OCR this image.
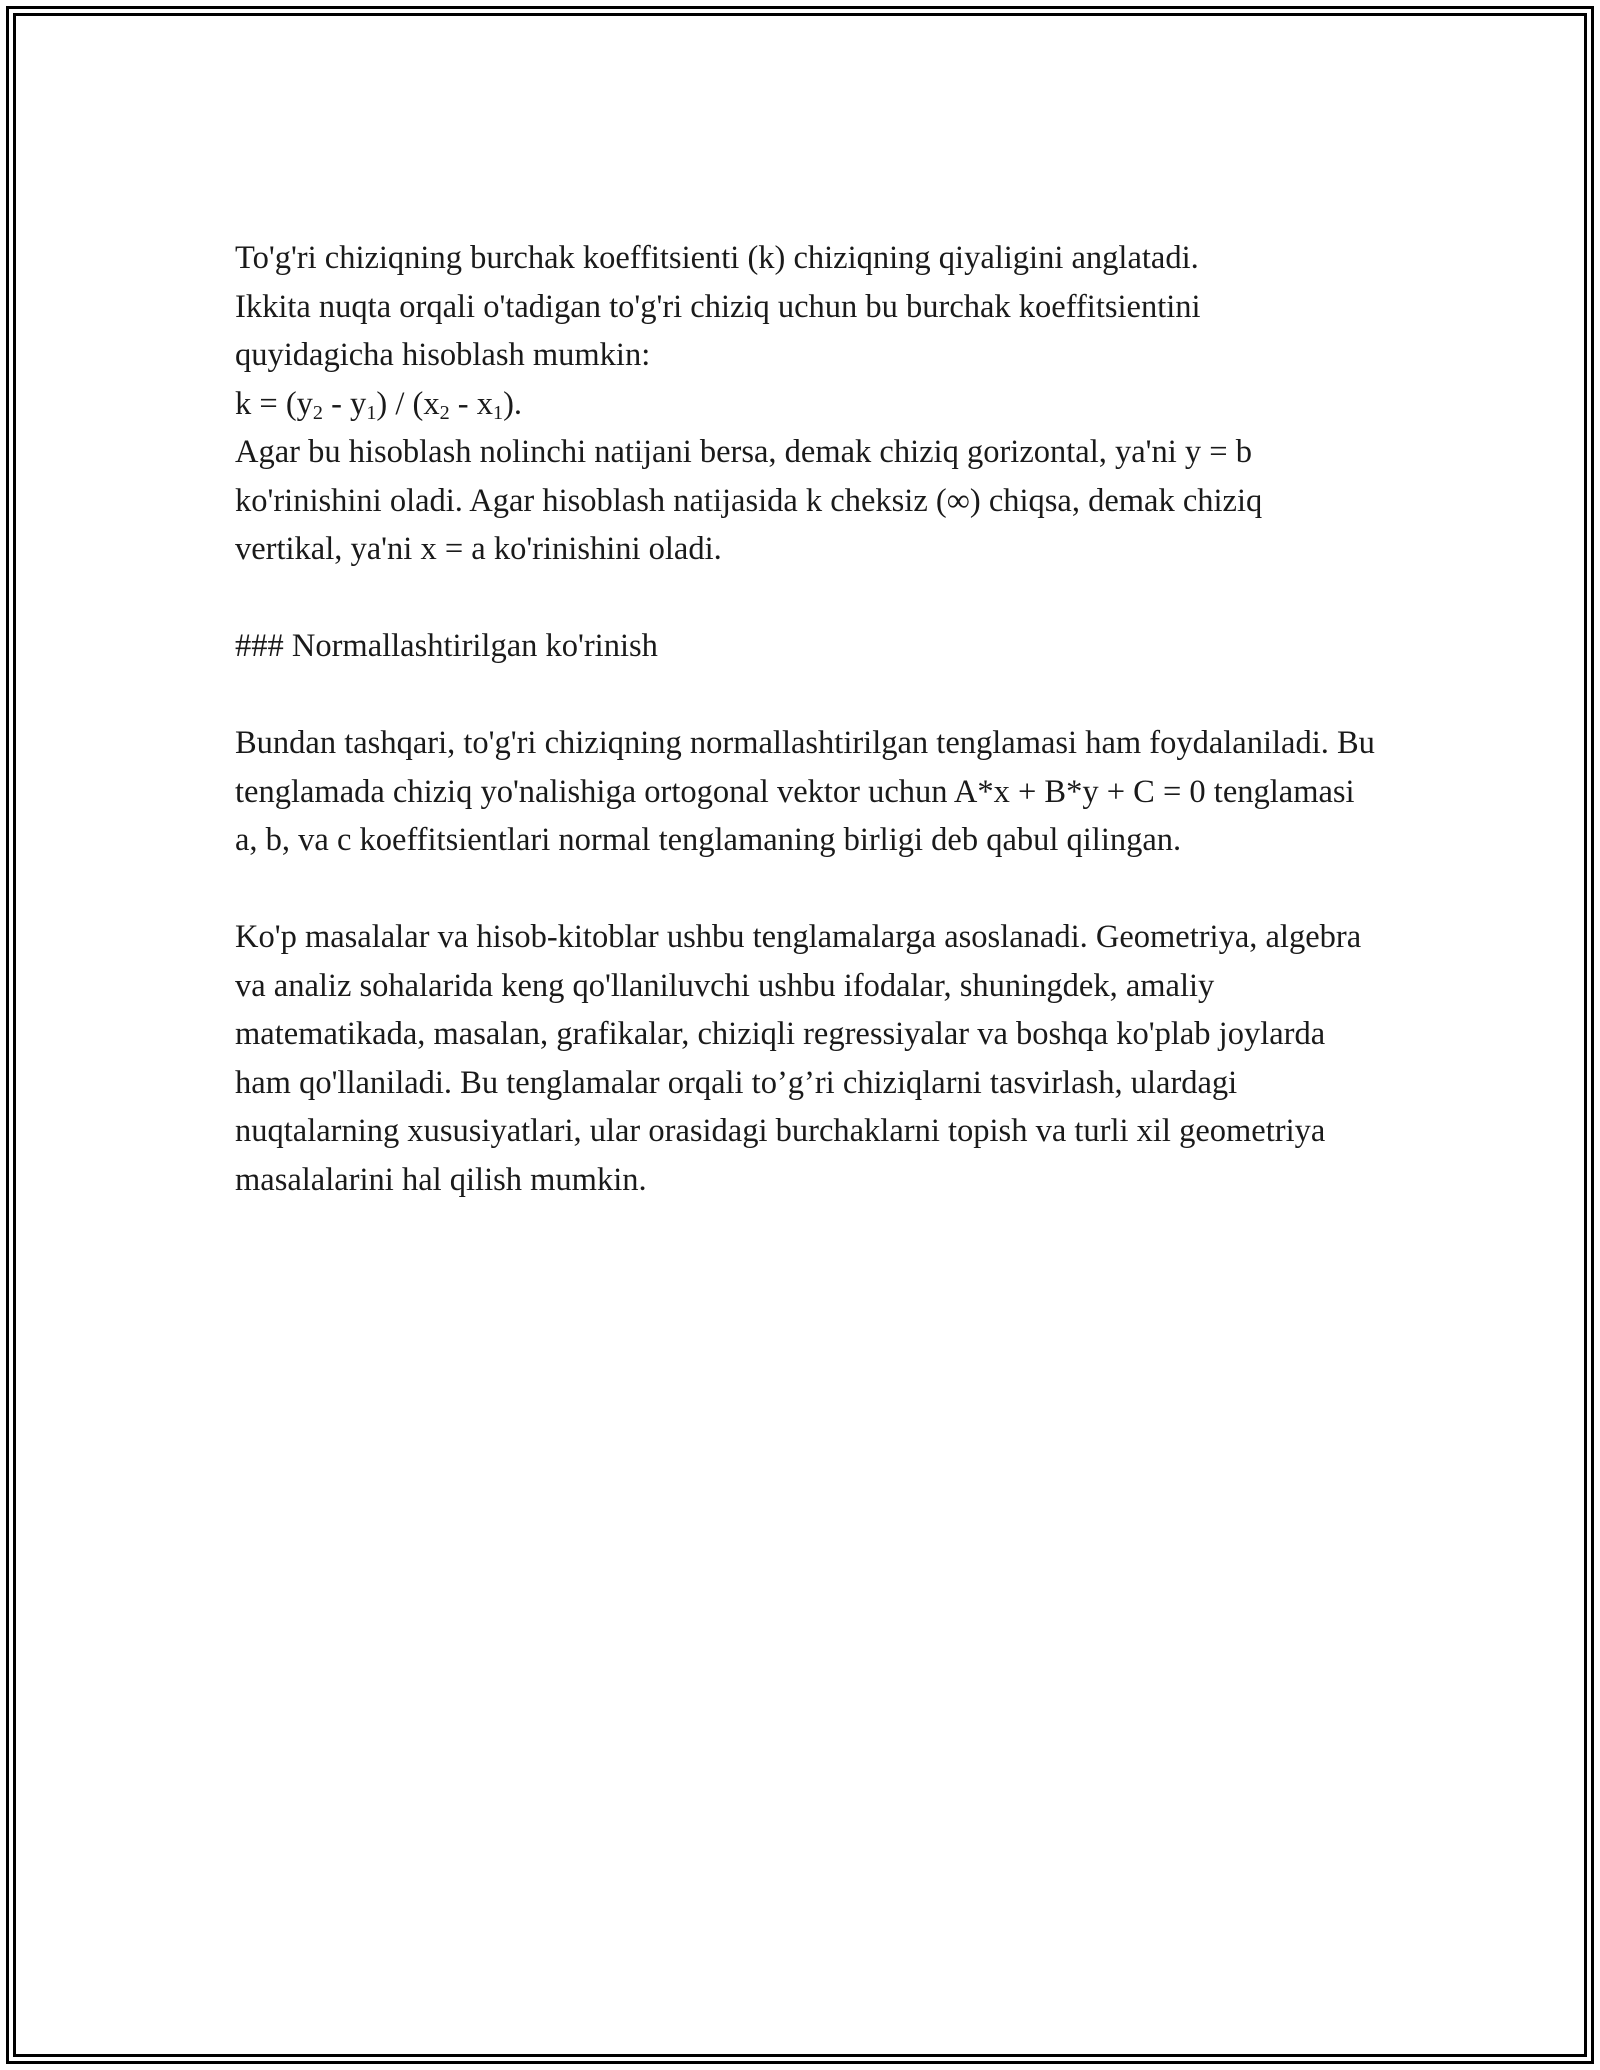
To'g'ri chiziqning burchak koeffitsienti (k) chiziqning qiyaligini anglatadi.
Ikkita nuqta orqali o'tadigan to'g'ri chiziq uchun bu burchak koeffitsientini
quyidagicha hisoblash mumkin:

$k = (y_2 - y_1) / (x_2 - x_1)$.

Agar bu hisoblash nolinchi natijani bersa, demak chiziq gorizontal, ya'ni y = b ko'rinishini oladi. Agar hisoblash natijasida k cheksiz (∞) chiqsa, demak chiziq vertikal, ya'ni x = a ko'rinishini oladi.

### Normallashtirilgan ko'rinish

Bundan tashqari, to'g'ri chiziqning normallashtirilgan tenglamasi ham foydalaniladi. Bu tenglamada chiziq yo'nalishiga ortogonal vektor uchun A*x + B*y + C = 0 tenglamasi a, b, va c koeffitsientlari normal tenglamaning birligi deb qabul qilingan.

Ko'p masalalar va hisob-kitoblar ushbu tenglamalarga asoslanadi. Geometriya, algebra va analiz sohalarida keng qo'llaniluvchi ushbu ifodalar, shuningdek, amaliy matematikada, masalan, grafikalar, chiziqli regressiyalar va boshqa ko'plab joylarda ham qo'llaniladi. Bu tenglamalar orqali to’g’ri chiziqlarni tasvirlash, ulardagi nuqtalarning xususiyatlari, ular orasidagi burchaklarni topish va turli xil geometriya masalalarini hal qilish mumkin.
